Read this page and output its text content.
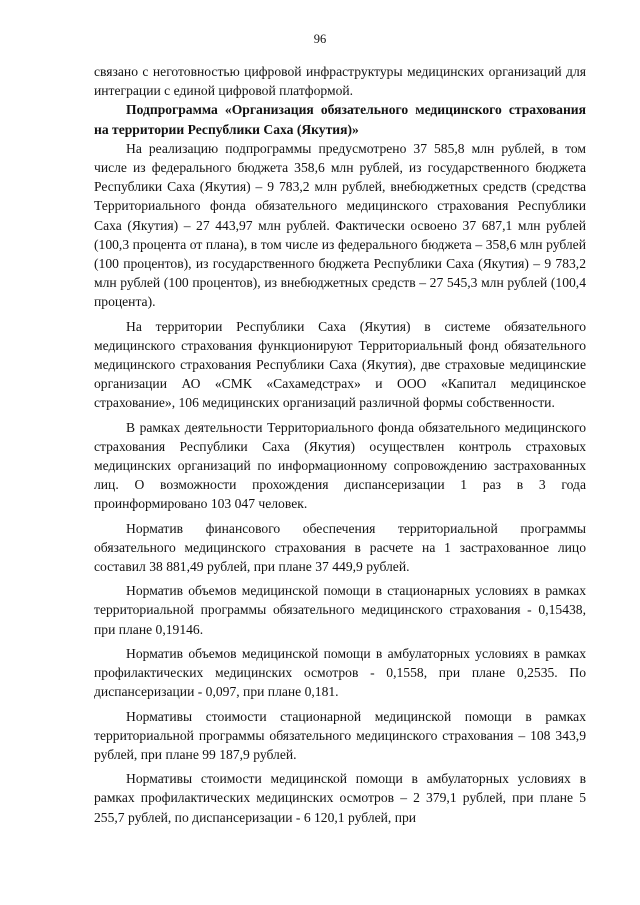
96

связано с неготовностью цифровой инфраструктуры медицинских организаций для интеграции с единой цифровой платформой.

Подпрограмма «Организация обязательного медицинского страхования на территории Республики Саха (Якутия)»

На реализацию подпрограммы предусмотрено 37 585,8 млн рублей, в том числе из федерального бюджета 358,6 млн рублей, из государственного бюджета Республики Саха (Якутия) – 9 783,2 млн рублей, внебюджетных средств (средства Территориального фонда обязательного медицинского страхования Республики Саха (Якутия) – 27 443,97 млн рублей. Фактически освоено 37 687,1 млн рублей (100,3 процента от плана), в том числе из федерального бюджета – 358,6 млн рублей (100 процентов), из государственного бюджета Республики Саха (Якутия) – 9 783,2 млн рублей (100 процентов), из внебюджетных средств – 27 545,3 млн рублей (100,4 процента).

На территории Республики Саха (Якутия) в системе обязательного медицинского страхования функционируют Территориальный фонд обязательного медицинского страхования Республики Саха (Якутия), две страховые медицинские организации АО «СМК «Сахамедстрах» и ООО «Капитал медицинское страхование», 106 медицинских организаций различной формы собственности.

В рамках деятельности Территориального фонда обязательного медицинского страхования Республики Саха (Якутия) осуществлен контроль страховых медицинских организаций по информационному сопровождению застрахованных лиц. О возможности прохождения диспансеризации 1 раз в 3 года проинформировано 103 047 человек.

Норматив финансового обеспечения территориальной программы обязательного медицинского страхования в расчете на 1 застрахованное лицо составил 38 881,49 рублей, при плане 37 449,9 рублей.

Норматив объемов медицинской помощи в стационарных условиях в рамках территориальной программы обязательного медицинского страхования - 0,15438, при плане 0,19146.

Норматив объемов медицинской помощи в амбулаторных условиях в рамках профилактических медицинских осмотров - 0,1558, при плане 0,2535. По диспансеризации - 0,097, при плане 0,181.

Нормативы стоимости стационарной медицинской помощи в рамках территориальной программы обязательного медицинского страхования – 108 343,9 рублей, при плане 99 187,9 рублей.

Нормативы стоимости медицинской помощи в амбулаторных условиях в рамках профилактических медицинских осмотров – 2 379,1 рублей, при плане 5 255,7 рублей, по диспансеризации - 6 120,1 рублей, при
